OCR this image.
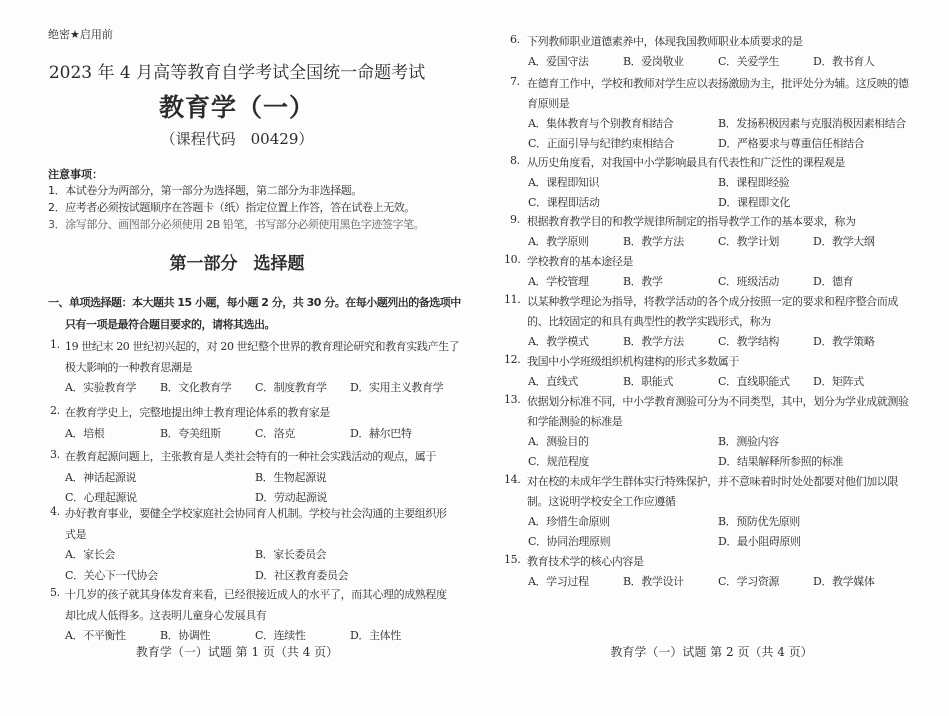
绝密★启用前
2023 年 4 月高等教育自学考试全国统一命题考试
教育学（一）
（课程代码　00429）
注意事项：
1．本试卷分为两部分，第一部分为选择题，第二部分为非选择题。
2．应考者必须按试题顺序在答题卡（纸）指定位置上作答，答在试卷上无效。
3．涂写部分、画图部分必须使用 2B 铅笔，书写部分必须使用黑色字迹签字笔。
第一部分 选择题
一、单项选择题：本大题共 15 小题，每小题 2 分，共 30 分。在每小题列出的备选项中
只有一项是最符合题目要求的，请将其选出。
教育学（一）试题 第 1 页（共 4 页）
1. 19 世纪末 20 世纪初兴起的，对 20 世纪整个世界的教育理论研究和教育实践产生了
极大影响的一种教育思潮是
A．实验教育学 B．文化教育学 C．制度教育学 D．实用主义教育学
2. 在教育学史上，完整地提出绅士教育理论体系的教育家是
A．培根	B．夸美纽斯	C．洛克	D．赫尔巴特
3. 在教育起源问题上，主张教育是人类社会特有的一种社会实践活动的观点，属于
A．神话起源说	B．生物起源说
C．心理起源说	D．劳动起源说
4. 办好教育事业，要健全学校家庭社会协同育人机制。学校与社会沟通的主要组织形
式是
A．家长会	B．家长委员会
C．关心下一代协会	D．社区教育委员会
5. 十几岁的孩子就其身体发育来看，已经很接近成人的水平了，而其心理的成熟程度
却比成人低得多。这表明儿童身心发展具有
A．不平衡性	B．协调性	C．连续性	D．主体性
教育学（一）试题 第 2 页（共 4 页）
6. 下列教师职业道德素养中，体现我国教师职业本质要求的是
A．爱国守法	B．爱岗敬业	C．关爱学生	D．教书育人
7. 在德育工作中，学校和教师对学生应以表扬激励为主，批评处分为辅。这反映的德
育原则是
A．集体教育与个别教育相结合	B．发扬积极因素与克服消极因素相结合
C．正面引导与纪律约束相结合	D．严格要求与尊重信任相结合
8. 从历史角度看，对我国中小学影响最具有代表性和广泛性的课程观是
A．课程即知识	B．课程即经验
C．课程即活动	D．课程即文化
9. 根据教育教学目的和教学规律所制定的指导教学工作的基本要求，称为
A．教学原则	B．教学方法	C．教学计划	D．教学大纲
10. 学校教育的基本途径是
A．学校管理	B．教学	C．班级活动	D．德育
11. 以某种教学理论为指导，将教学活动的各个成分按照一定的要求和程序整合而成
的、比较固定的和具有典型性的教学实践形式，称为
A．教学模式	B．教学方法	C．教学结构	D．教学策略
12. 我国中小学班级组织机构建构的形式多数属于
A．直线式	B．职能式	C．直线职能式 D．矩阵式
13. 依据划分标准不同，中小学教育测验可分为不同类型，其中，划分为学业成就测验
和学能测验的标准是
A．测验目的	B．测验内容
C．规范程度	D．结果解释所参照的标准
14. 对在校的未成年学生群体实行特殊保护，并不意味着时时处处都要对他们加以限
制。这说明学校安全工作应遵循
A．珍惜生命原则	B．预防优先原则
C．协同治理原则	D．最小阻碍原则
15. 教育技术学的核心内容是
A．学习过程	B．教学设计	C．学习资源	D．教学媒体
